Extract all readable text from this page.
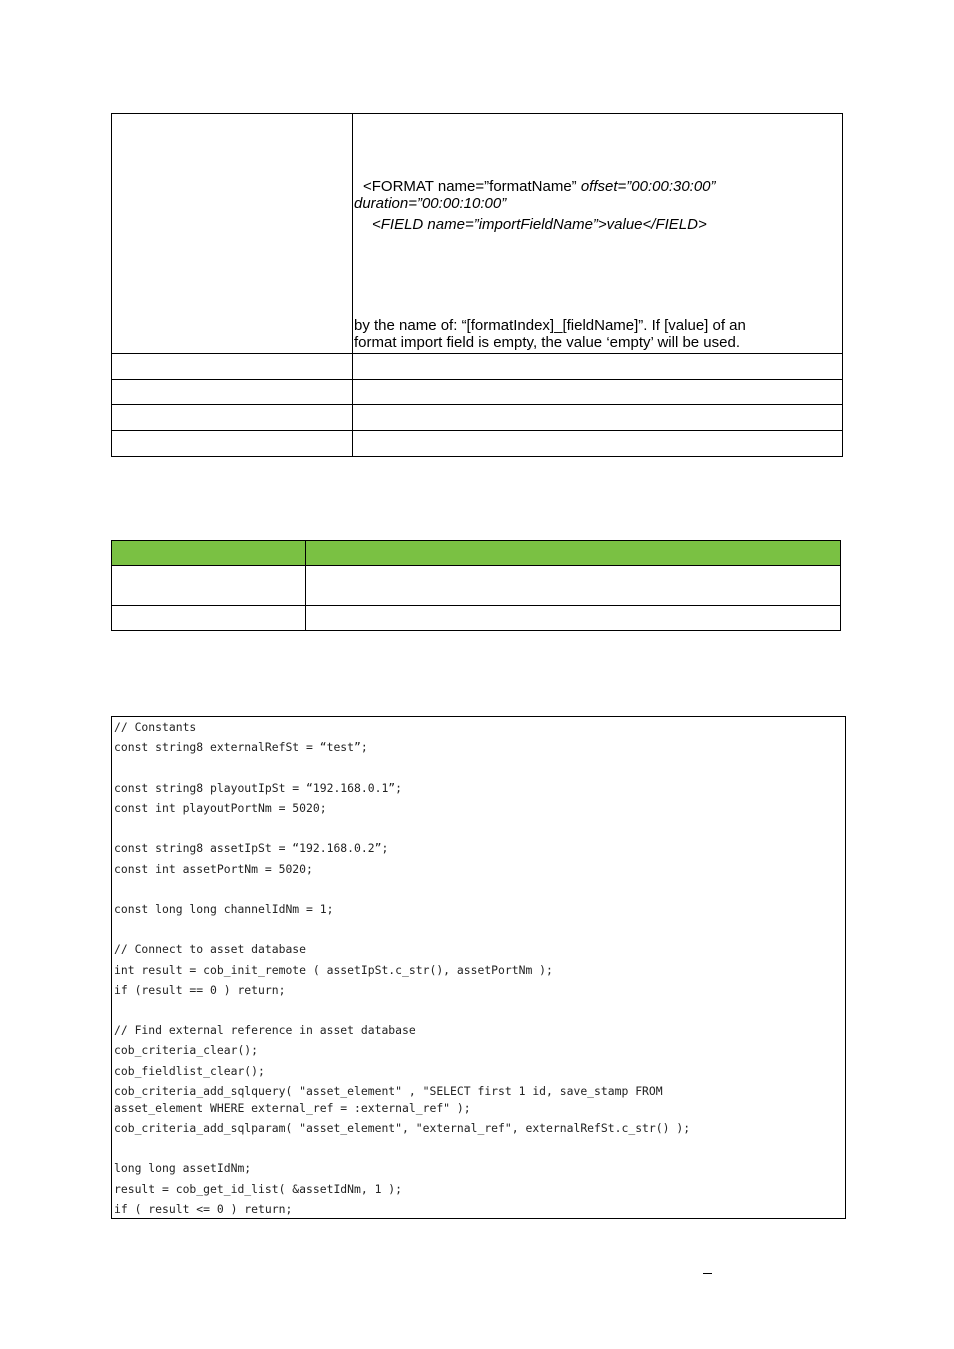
<FORMAT name=”formatName” offset=”00:00:30:00”
duration=”00:00:10:00”
<FIELD name=”importFieldName”>value</FIELD>
by the name of: “[formatIndex]_[fieldName]”. If [value] of an
format import field is empty, the value ‘empty’ will be used.
// Constants
const string8 externalRefSt = “test”;
const string8 playoutIpSt = “192.168.0.1”;
const int playoutPortNm = 5020;
const string8 assetIpSt = “192.168.0.2”;
const int assetPortNm = 5020;
const long long channelIdNm = 1;
// Connect to asset database
int result = cob_init_remote ( assetIpSt.c_str(), assetPortNm );
if (result == 0 ) return;
// Find external reference in asset database
cob_criteria_clear();
cob_fieldlist_clear();
cob_criteria_add_sqlquery( "asset_element" , "SELECT first 1 id, save_stamp FROM
asset_element WHERE external_ref = :external_ref" );
cob_criteria_add_sqlparam( "asset_element", "external_ref", externalRefSt.c_str() );
long long assetIdNm;
result = cob_get_id_list( &assetIdNm, 1 );
if ( result <= 0 ) return;
